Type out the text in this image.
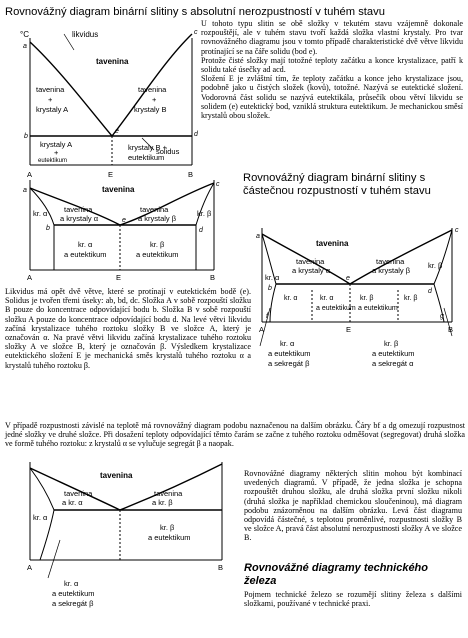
Rovnovážný diagram binární slitiny s absolutní nerozpustností v tuhém stavu
°C	likvidus
tavenina
tavenina
+
krystaly A
tavenina
+
krystaly B
krystaly A
+
eutektikum
krystaly B +
eutektikum
solidus
a
b
c
d
e
A	E	B
U tohoto typu slitin se obě složky v tekutém stavu vzájemně dokonale rozpouštějí, ale v tuhém stavu tvoří každá složka vlastní krystaly. Pro tvar rovnovážného diagramu jsou v tomto případě charakteristické dvě větve likvidu protínající se na čáře solidu (bod e).
Protože čisté složky mají totožné teploty začátku a konce krystalizace, patří k solidu také úsečky ad acd.
Složení E je zvláštní tím, že teploty začátku a konce jeho krystalizace jsou, podobně jako u čistých složek (kovů), totožné. Nazývá se eutektické složení. Vodorovná část solidu se nazývá eutektikála, průsečík obou větví likvidu se solidem (e) eutektický bod, vzniklá struktura eutektikum. Je mechanickou směsí krystalů obou složek.
tavenina
kr. α	kr. β
tavenina
a krystaly α
tavenina
a krystaly β
kr. α
a eutektikum
kr. β
a eutektikum
a
b
c
d
e
A	E	B
Rovnovážný diagram binární slitiny s částečnou rozpustností v tuhém stavu
tavenina
kr. α
kr. β
tavenina
a krystaly α
tavenina
a krystaly β
kr. α	kr. α
a eutektikum
kr. β
a eutektikum
kr. β
a
b
c
d
e
f	g
A	E	B
kr. α
a eutektikum
a sekregát β
kr. β
a eutektikum
a sekregát α
Likvidus má opět dvě větve, které se protínají v eutektickém bodě (e). Solidus je tvořen třemi úseky: ab, bd, dc. Složka A v sobě rozpouští složku B pouze do koncentrace odpovídající bodu b. Složka B v sobě rozpouští složku A pouze do koncentrace odpovídající bodu d. Na levé větvi likvidu začíná krystalizace tuhého roztoku složky B ve složce A, který je označován α. Na pravé větvi likvidu začíná krystalizace tuhého roztoku složky A ve složce B, který je označován β. Výsledkem krystalizace eutektického složení E je mechanická směs krystalů tuhého roztoku α a krystalů tuhého roztoku β.
V případě rozpustnosti závislé na teplotě má rovnovážný diagram podobu naznačenou na dalším obrázku. Čáry bf a dg omezují rozpustnost jedné složky ve druhé složce. Při dosažení teploty odpovídající těmto čarám se začne z tuhého roztoku odměšovat (segregovat) druhá složka ve formě tuhého roztoku: z krystalů α se vylučuje segregát β a naopak.
tavenina
tavenina
a kr. α
tavenina
a kr. β
kr. α
kr. β
a eutektikum
A	B
kr. α
a eutektikum
a sekregát β
Rovnovážné diagramy některých slitin mohou být kombinací uvedených diagramů. V případě, že jedna složka je schopna rozpouštět druhou složku, ale druhá složka první složku nikoli (druhá složka je například chemickou sloučeninou), má diagram podobu znázorněnou na dalším obrázku. Levá část diagramu odpovídá částečné, s teplotou proměnlivé, rozpustnosti složky B ve složce A, pravá část absolutní nerozpustnosti složky A ve složce B.
Rovnovážné diagramy technického železa
Pojmem technické železo se rozumějí slitiny železa s dalšími složkami, používané v technické praxi.
